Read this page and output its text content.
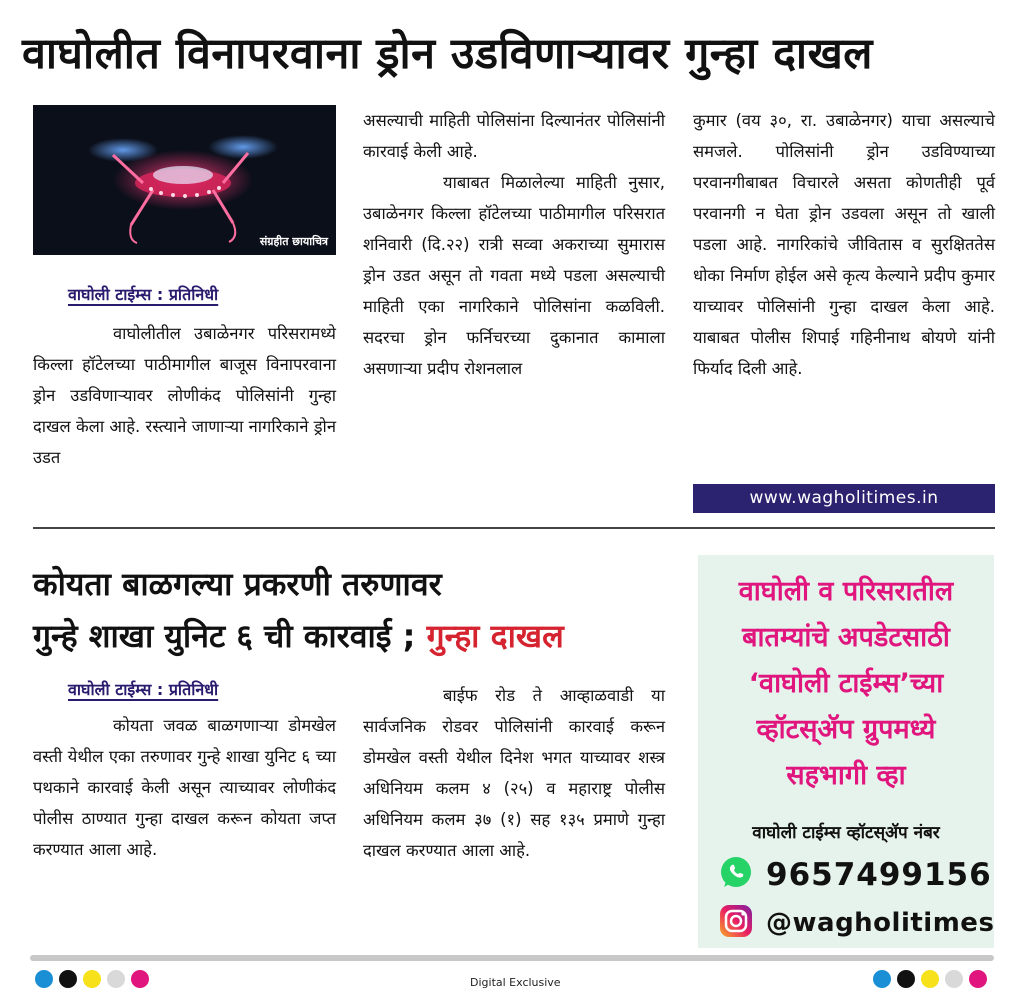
वाघोलीत विनापरवाना ड्रोन उडविणाऱ्यावर गुन्हा दाखल
संग्रहीत छायाचित्र
वाघोली टाईम्स : प्रतिनिधी
वाघोलीतील उबाळेनगर परिसरामध्ये किल्ला हॉटेलच्या पाठीमागील बाजूस विनापरवाना ड्रोन उडविणाऱ्यावर लोणीकंद पोलिसांनी गुन्हा दाखल केला आहे. रस्त्याने जाणाऱ्या नागरिकाने ड्रोन उडत
असल्याची माहिती पोलिसांना दिल्यानंतर पोलिसांनी कारवाई केली आहे.
याबाबत मिळालेल्या माहिती नुसार, उबाळेनगर किल्ला हॉटेलच्या पाठीमागील परिसरात शनिवारी (दि.२२) रात्री सव्वा अकराच्या सुमारास ड्रोन उडत असून तो गवता मध्ये पडला असल्याची माहिती एका नागरिकाने पोलिसांना कळविली. सदरचा ड्रोन फर्निचरच्या दुकानात कामाला असणाऱ्या प्रदीप रोशनलाल
कुमार (वय ३०, रा. उबाळेनगर) याचा असल्याचे समजले. पोलिसांनी ड्रोन उडविण्याच्या परवानगीबाबत विचारले असता कोणतीही पूर्व परवानगी न घेता ड्रोन उडवला असून तो खाली पडला आहे. नागरिकांचे जीवितास व सुरक्षिततेस धोका निर्माण होईल असे कृत्य केल्याने प्रदीप कुमार याच्यावर पोलिसांनी गुन्हा दाखल केला आहे. याबाबत पोलीस शिपाई गहिनीनाथ बोयणे यांनी फिर्याद दिली आहे.
www.wagholitimes.in
कोयता बाळगल्या प्रकरणी तरुणावर
गुन्हे शाखा युनिट ६ ची कारवाई ; गुन्हा दाखल
वाघोली टाईम्स : प्रतिनिधी
कोयता जवळ बाळगणाऱ्या डोमखेल वस्ती येथील एका तरुणावर गुन्हे शाखा युनिट ६ च्या पथकाने कारवाई केली असून त्याच्यावर लोणीकंद पोलीस ठाण्यात गुन्हा दाखल करून कोयता जप्त करण्यात आला आहे.
बाईफ रोड ते आव्हाळवाडी या सार्वजनिक रोडवर पोलिसांनी कारवाई करून डोमखेल वस्ती येथील दिनेश भगत याच्यावर शस्त्र अधिनियम कलम ४ (२५) व महाराष्ट्र पोलीस अधिनियम कलम ३७ (१) सह १३५ प्रमाणे गुन्हा दाखल करण्यात आला आहे.
वाघोली व परिसरातील
बातम्यांचे अपडेटसाठी
‘वाघोली टाईम्स’च्या
व्हॉटस्ॲप ग्रुपमध्ये
सहभागी व्हा
वाघोली टाईम्स व्हॉटस्ॲप नंबर
9657499156
@wagholitimes
Digital Exclusive
